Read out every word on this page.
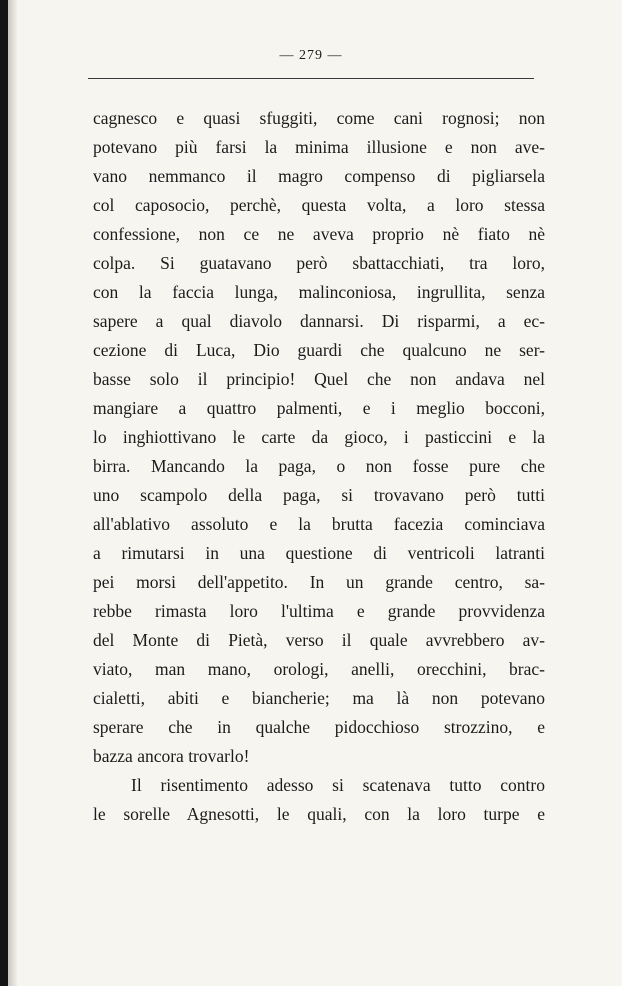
— 279 —
cagnesco e quasi sfuggiti, come cani rognosi; non
potevano più farsi la minima illusione e non ave-
vano nemmanco il magro compenso di pigliarsela
col caposocio, perchè, questa volta, a loro stessa
confessione, non ce ne aveva proprio nè fiato nè
colpa. Si guatavano però sbattacchiati, tra loro,
con la faccia lunga, malinconiosa, ingrullita, senza
sapere a qual diavolo dannarsi. Di risparmi, a ec-
cezione di Luca, Dio guardi che qualcuno ne ser-
basse solo il principio! Quel che non andava nel
mangiare a quattro palmenti, e i meglio bocconi,
lo inghiottivano le carte da gioco, i pasticcini e la
birra. Mancando la paga, o non fosse pure che
uno scampolo della paga, si trovavano però tutti
all'ablativo assoluto e la brutta facezia cominciava
a rimutarsi in una questione di ventricoli latranti
pei morsi dell'appetito. In un grande centro, sa-
rebbe rimasta loro l'ultima e grande provvidenza
del Monte di Pietà, verso il quale avvrebbero av-
viato, man mano, orologi, anelli, orecchini, brac-
cialetti, abiti e biancherie; ma là non potevano
sperare che in qualche pidocchioso strozzino, e
bazza ancora trovarlo!
Il risentimento adesso si scatenava tutto contro
le sorelle Agnesotti, le quali, con la loro turpe e
